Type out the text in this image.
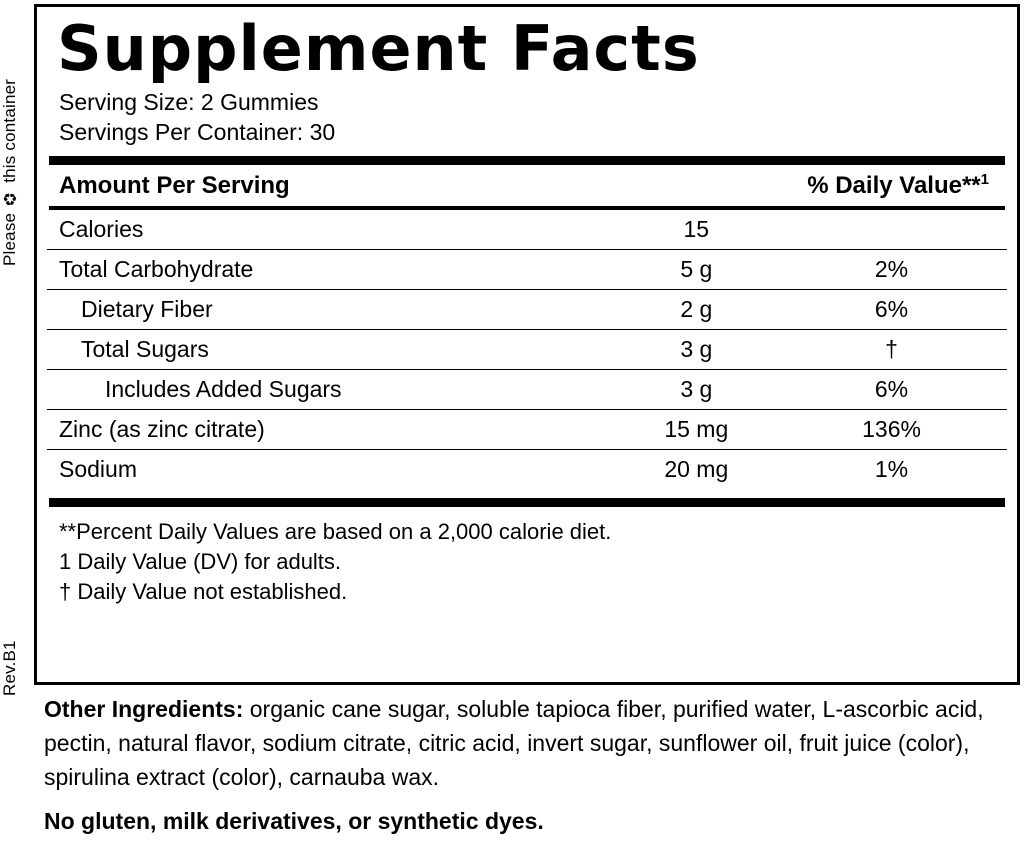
Please ♻ this container
Rev.B1
Supplement Facts
Serving Size: 2 Gummies
Servings Per Container: 30
Amount Per Serving		% Daily Value**$^1$
Calories	15	
Total Carbohydrate	5 g	2%
Dietary Fiber	2 g	6%
Total Sugars	3 g	†
Includes Added Sugars	3 g	6%
Zinc (as zinc citrate)	15 mg	136%
Sodium	20 mg	1%
**Percent Daily Values are based on a 2,000 calorie diet.
1 Daily Value (DV) for adults.
† Daily Value not established.
Other Ingredients: organic cane sugar, soluble tapioca fiber, purified water, L-ascorbic acid, pectin, natural flavor, sodium citrate, citric acid, invert sugar, sunflower oil, fruit juice (color), spirulina extract (color), carnauba wax.
No gluten, milk derivatives, or synthetic dyes.
